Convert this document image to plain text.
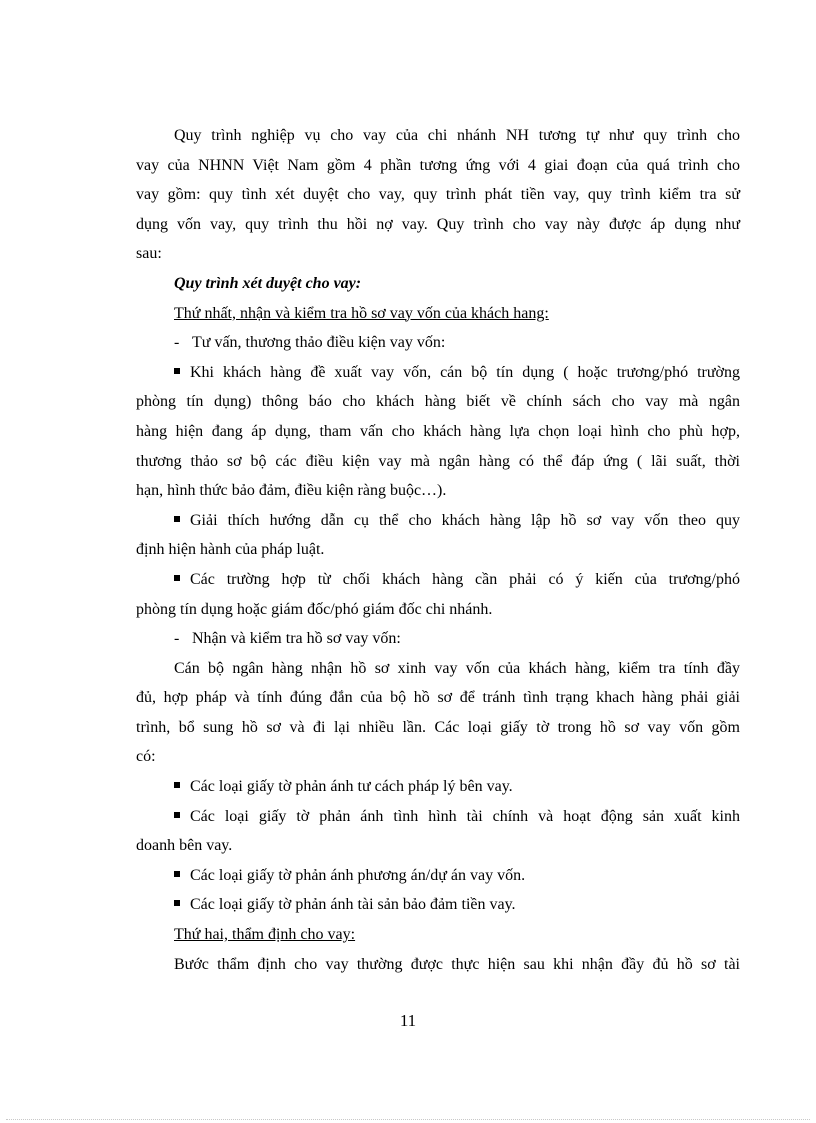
Quy trình nghiệp vụ cho vay của chi nhánh NH tương tự như quy trình cho
vay của NHNN Việt Nam gồm 4 phần tương ứng với 4 giai đoạn của quá trình cho
vay gồm: quy tình xét duyệt cho vay, quy trình phát tiền vay, quy trình kiểm tra sử
dụng vốn vay, quy trình thu hồi nợ vay. Quy trình cho vay này được áp dụng như
sau:
Quy trình xét duyệt cho vay:
Thứ nhất, nhận và kiểm tra hồ sơ vay vốn của khách hang:
- Tư vấn, thương thảo điều kiện vay vốn:
Khi khách hàng đề xuất vay vốn, cán bộ tín dụng ( hoặc trương/phó trường
phòng tín dụng) thông báo cho khách hàng biết về chính sách cho vay mà ngân
hàng hiện đang áp dụng, tham vấn cho khách hàng lựa chọn loại hình cho phù hợp,
thương thảo sơ bộ các điều kiện vay mà ngân hàng có thể đáp ứng ( lãi suất, thời
hạn, hình thức bảo đảm, điều kiện ràng buộc…).
Giải thích hướng dẫn cụ thể cho khách hàng lập hồ sơ vay vốn theo quy
định hiện hành của pháp luật.
Các trường hợp từ chối khách hàng cần phải có ý kiến của trương/phó
phòng tín dụng hoặc giám đốc/phó giám đốc chi nhánh.
- Nhận và kiểm tra hồ sơ vay vốn:
Cán bộ ngân hàng nhận hồ sơ xinh vay vốn của khách hàng, kiểm tra tính đầy
đủ, hợp pháp và tính đúng đắn của bộ hồ sơ để tránh tình trạng khach hàng phải giải
trình, bổ sung hồ sơ và đi lại nhiều lần. Các loại giấy tờ trong hồ sơ vay vốn gồm
có:
Các loại giấy tờ phản ánh tư cách pháp lý bên vay.
Các loại giấy tờ phản ánh tình hình tài chính và hoạt động sản xuất kinh
doanh bên vay.
Các loại giấy tờ phản ánh phương án/dự án vay vốn.
Các loại giấy tờ phản ánh tài sản bảo đảm tiền vay.
Thứ hai, thẩm định cho vay:
Bước thẩm định cho vay thường được thực hiện sau khi nhận đầy đủ hồ sơ tài
11
